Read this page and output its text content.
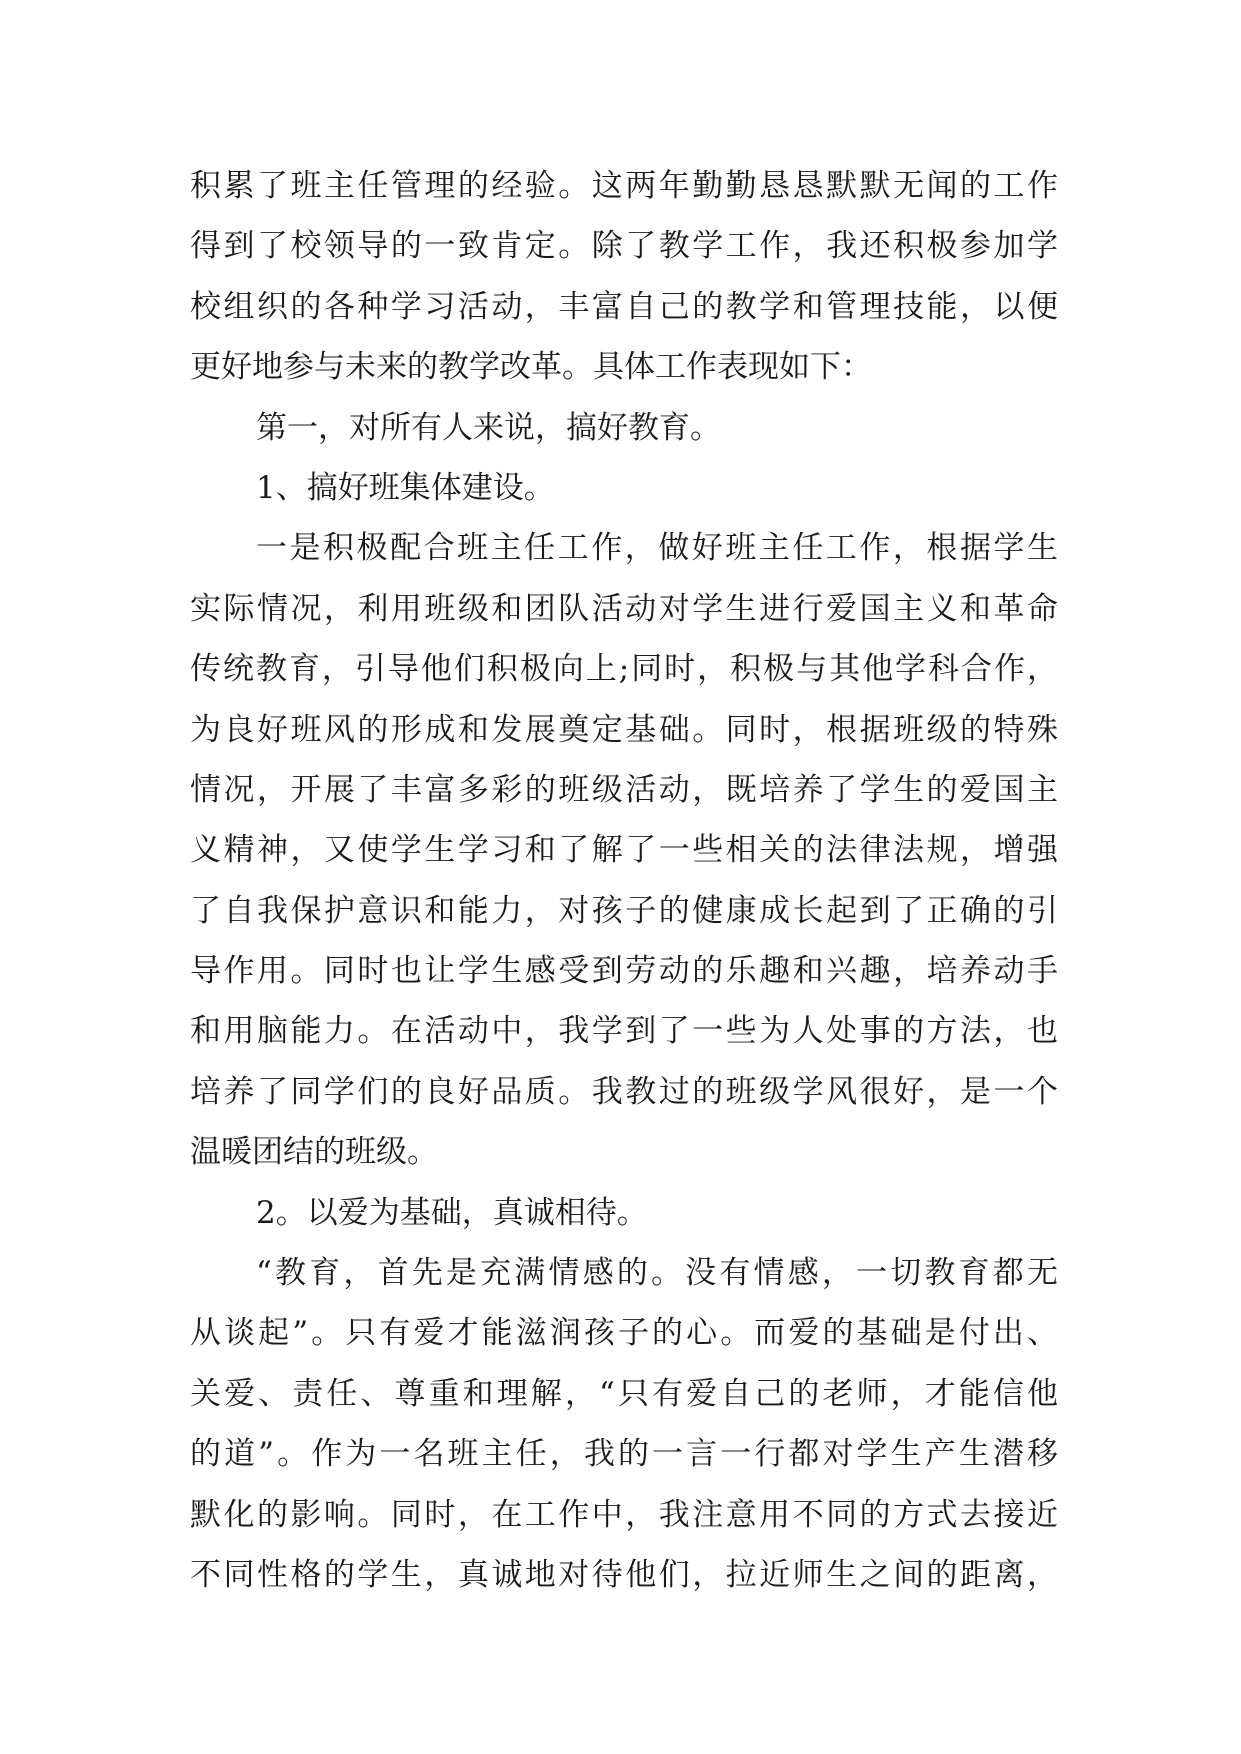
积累了班主任管理的经验。这两年勤勤恳恳默默无闻的工作
得到了校领导的一致肯定。除了教学工作，我还积极参加学
校组织的各种学习活动，丰富自己的教学和管理技能，以便
更好地参与未来的教学改革。具体工作表现如下：
第一，对所有人来说，搞好教育。
1、搞好班集体建设。
一是积极配合班主任工作，做好班主任工作，根据学生
实际情况，利用班级和团队活动对学生进行爱国主义和革命
传统教育，引导他们积极向上;同时，积极与其他学科合作，
为良好班风的形成和发展奠定基础。同时，根据班级的特殊
情况，开展了丰富多彩的班级活动，既培养了学生的爱国主
义精神，又使学生学习和了解了一些相关的法律法规，增强
了自我保护意识和能力，对孩子的健康成长起到了正确的引
导作用。同时也让学生感受到劳动的乐趣和兴趣，培养动手
和用脑能力。在活动中，我学到了一些为人处事的方法，也
培养了同学们的良好品质。我教过的班级学风很好，是一个
温暖团结的班级。
2。以爱为基础，真诚相待。
“教育，首先是充满情感的。没有情感，一切教育都无
从谈起”。只有爱才能滋润孩子的心。而爱的基础是付出、
关爱、责任、尊重和理解，“只有爱自己的老师，才能信他
的道”。作为一名班主任，我的一言一行都对学生产生潜移
默化的影响。同时，在工作中，我注意用不同的方式去接近
不同性格的学生，真诚地对待他们，拉近师生之间的距离，
